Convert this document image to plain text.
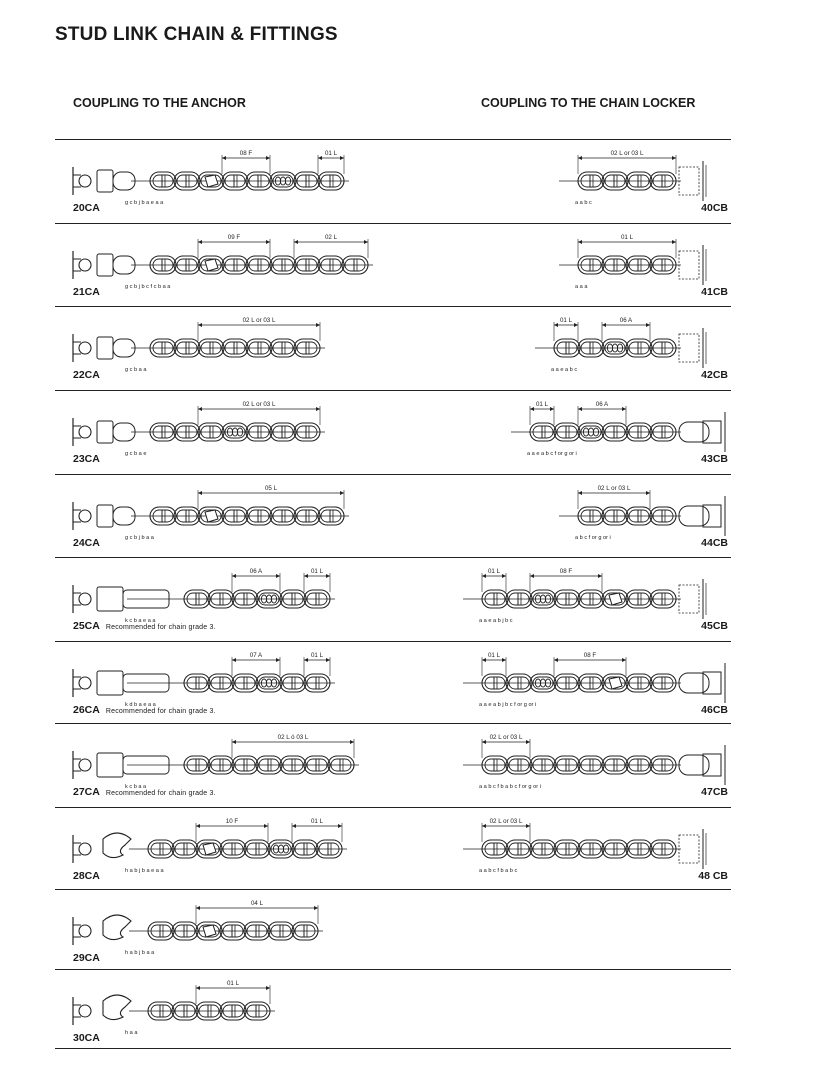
STUD LINK CHAIN & FITTINGS
COUPLING TO THE ANCHOR	COUPLING TO THE CHAIN LOCKER
08 F	01 L
g c b j b a e a a
20CA
09 F	02 L
g c b j b c f c b a a
21CA
02 L or 03 L
g c b a a
22CA
02 L or 03 L
g c b a e
23CA
05 L
g c b j b a a
24CA
06 A	01 L
k c b a e a a
25CA Recommended for chain grade 3.
07 A	01 L
k d b a e a a
26CA Recommended for chain grade 3.
02 L ó 03 L
k c b a a
27CA Recommended for chain grade 3.
10 F	01 L
h a b j b a e a a
28CA
04 L
h a b j b a a
29CA
01 L
h a a
30CA
02 L or 03 L
a a b c	40CB
01 L
a a a	41CB
01 L	06 A
a a e a b c	42CB
01 L	06 A
a a e a b c f or g or i	43CB
02 L or 03 L
a b c f or g or i	44CB
01 L	08 F
a a e a b j b c	45CB
01 L	08 F
a a e a b j b c f or g or i	46CB
02 L or 03 L
a a b c f b a b c f or g or i	47CB
02 L or 03 L
a a b c f b a b c	48 CB
